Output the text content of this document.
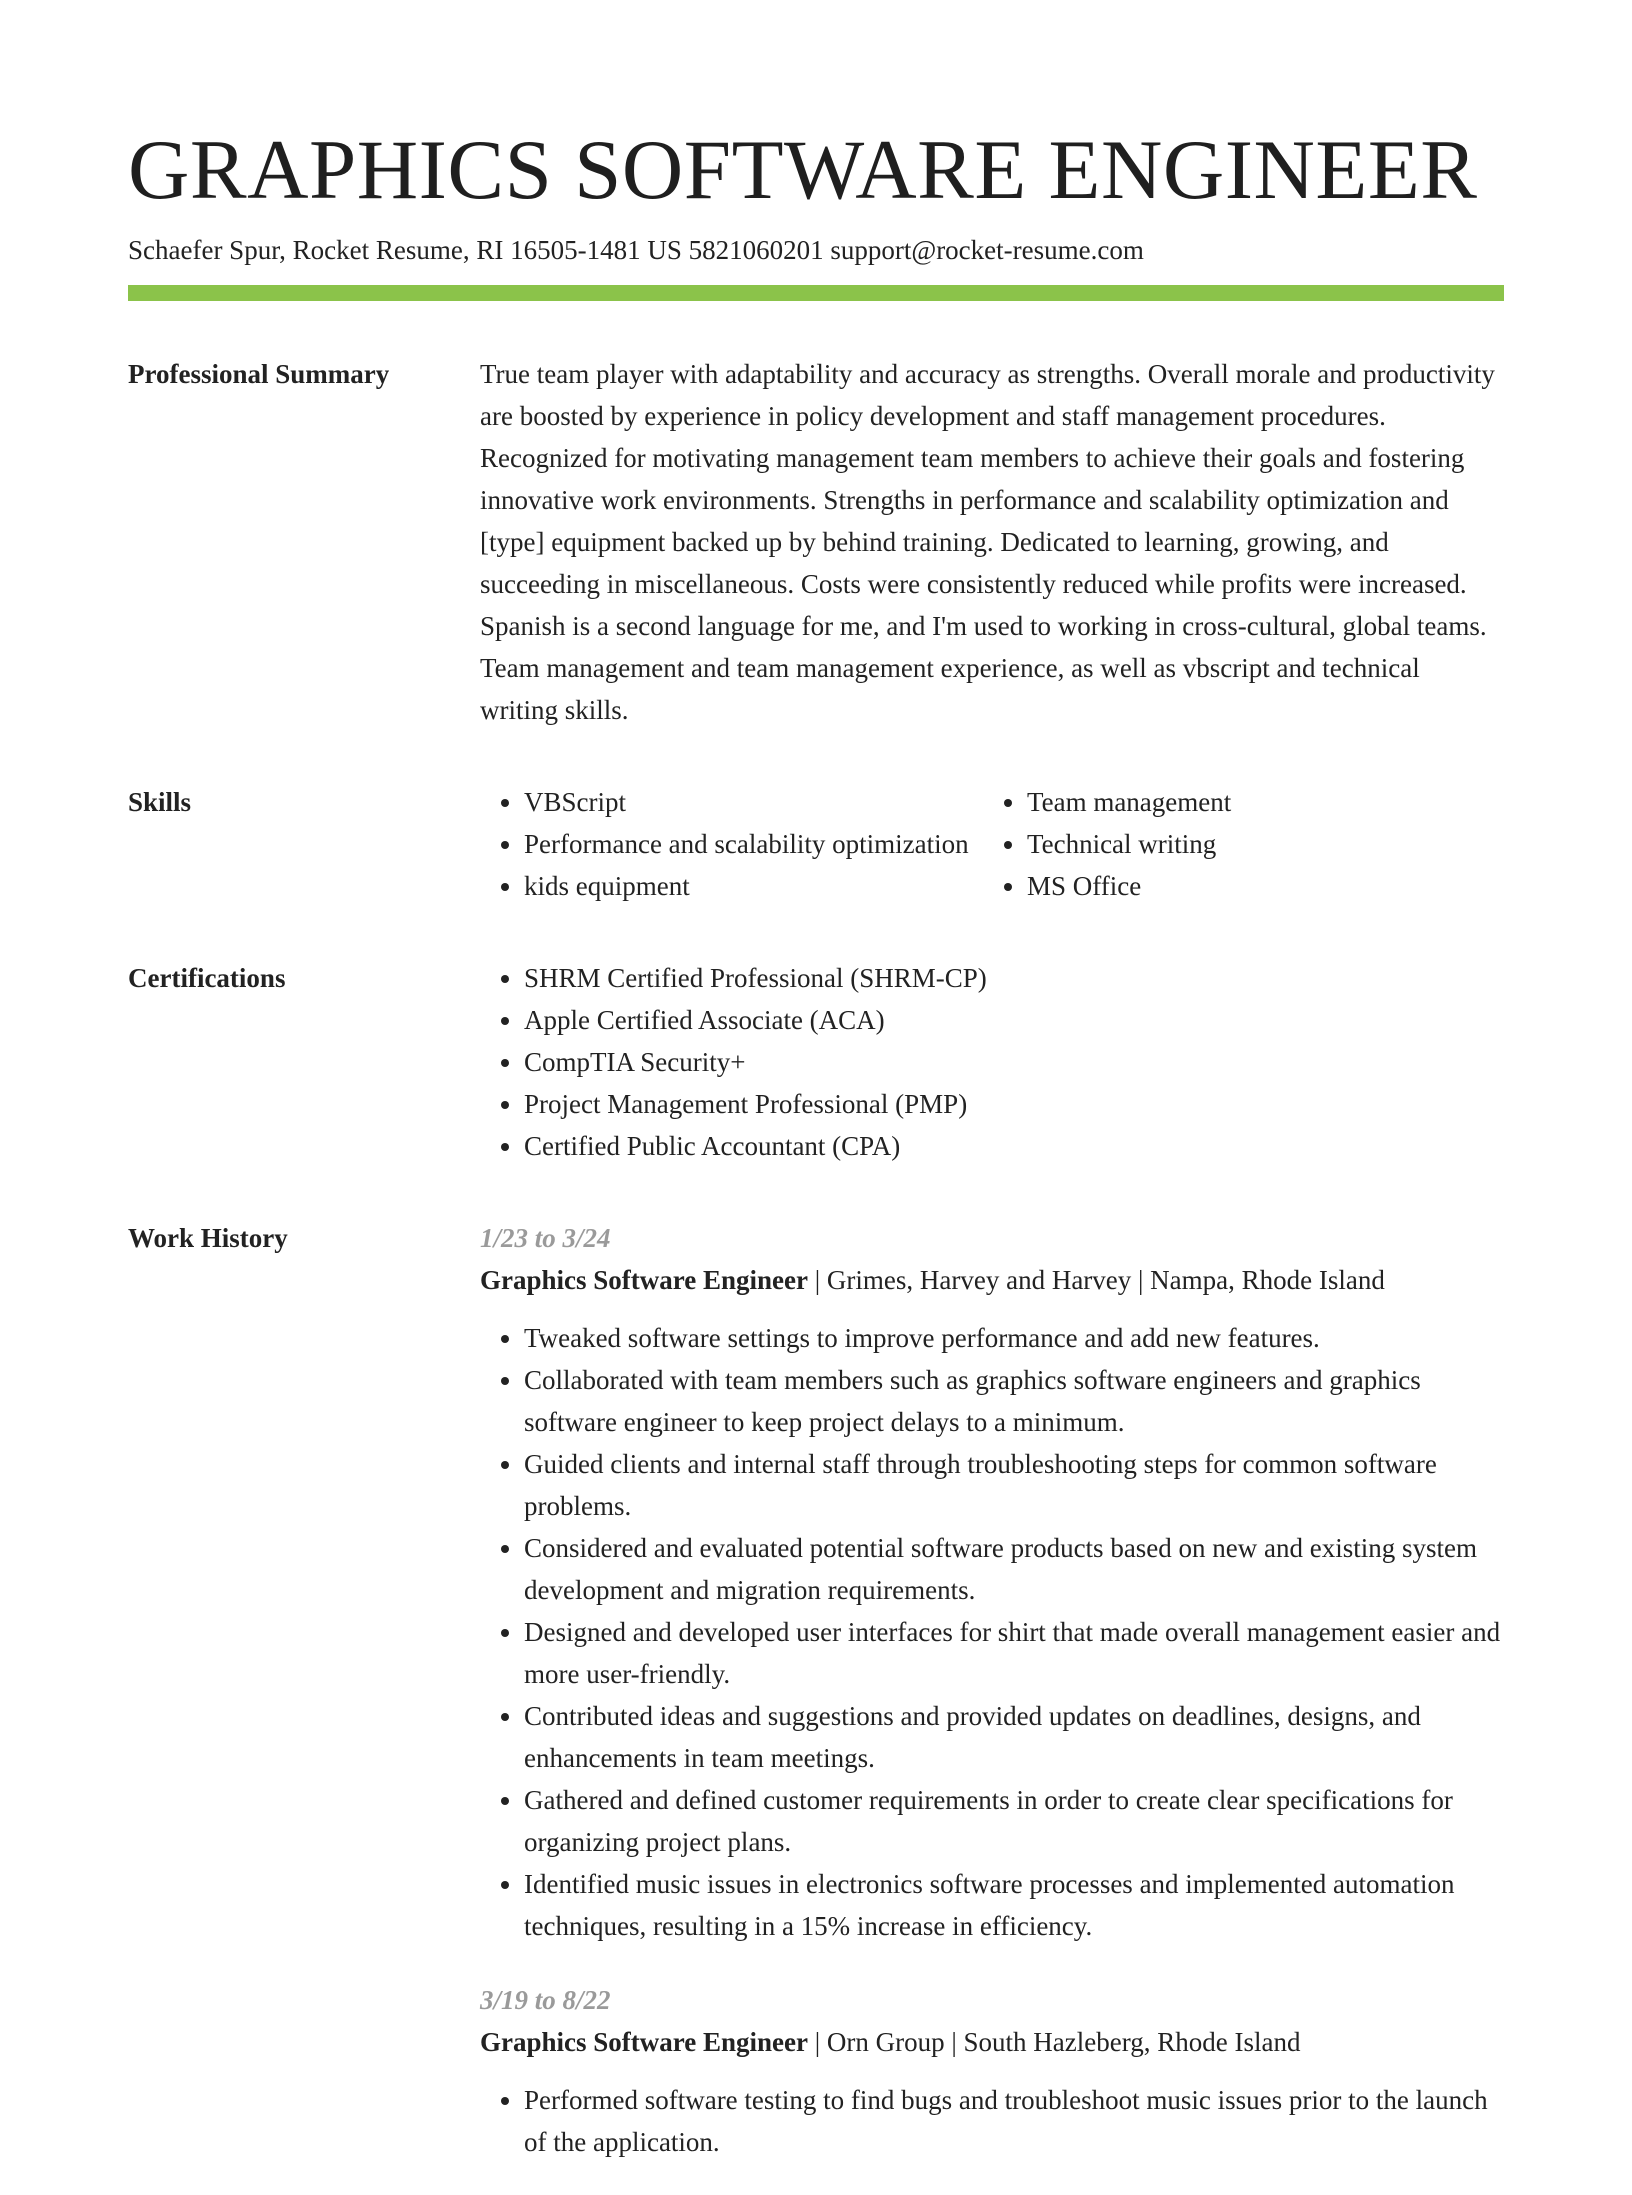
GRAPHICS SOFTWARE ENGINEER
Schaefer Spur, Rocket Resume, RI 16505-1481 US 5821060201 support@rocket-resume.com
Professional Summary	True team player with adaptability and accuracy as strengths. Overall morale and productivity are boosted by experience in policy development and staff management procedures. Recognized for motivating management team members to achieve their goals and fostering innovative work environments. Strengths in performance and scalability optimization and [type] equipment backed up by behind training. Dedicated to learning, growing, and succeeding in miscellaneous. Costs were consistently reduced while profits were increased. Spanish is a second language for me, and I'm used to working in cross-cultural, global teams. Team management and team management experience, as well as vbscript and technical writing skills.

Skills	• VBScript
• Performance and scalability optimization
• kids equipment
• Team management
• Technical writing
• MS Office
Certifications	• SHRM Certified Professional (SHRM-CP)
• Apple Certified Associate (ACA)
• CompTIA Security+
• Project Management Professional (PMP)
• Certified Public Accountant (CPA)
Work History	1/23 to 3/24
Graphics Software Engineer | Grimes, Harvey and Harvey | Nampa, Rhode Island
• Tweaked software settings to improve performance and add new features.
• Collaborated with team members such as graphics software engineers and graphics software engineer to keep project delays to a minimum.
• Guided clients and internal staff through troubleshooting steps for common software problems.
• Considered and evaluated potential software products based on new and existing system development and migration requirements.
• Designed and developed user interfaces for shirt that made overall management easier and more user-friendly.
• Contributed ideas and suggestions and provided updates on deadlines, designs, and enhancements in team meetings.
• Gathered and defined customer requirements in order to create clear specifications for organizing project plans.
• Identified music issues in electronics software processes and implemented automation techniques, resulting in a 15% increase in efficiency.
3/19 to 8/22
Graphics Software Engineer | Orn Group | South Hazleberg, Rhode Island
• Performed software testing to find bugs and troubleshoot music issues prior to the launch of the application.
